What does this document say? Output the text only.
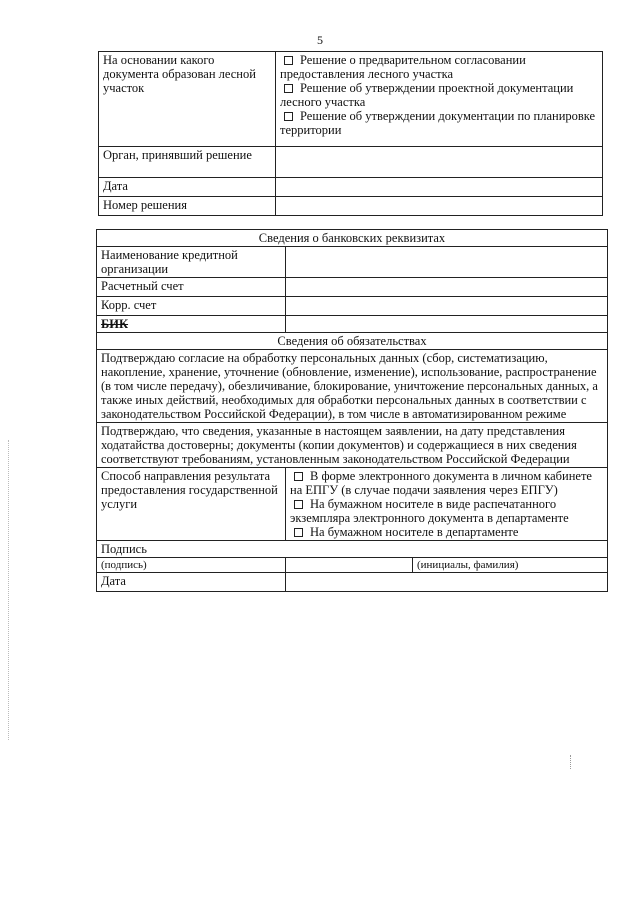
5
На основании какого документа образован лесной участок	Решение о предварительном согласовании предоставления лесного участка
Решение об утверждении проектной документации лесного участка
Решение об утверждении документации по планировке территории

Орган, принявший решение	
Дата	
Номер решения	
Сведения о банковских реквизитах		
Наименование кредитной организации		
Расчетный счет		
Корр. счет		
БИК		
Сведения об обязательствах		
Подтверждаю согласие на обработку персональных данных (сбор, систематизацию, накопление, хранение, уточнение (обновление, изменение), использование, распространение (в том числе передачу), обезличивание, блокирование, уничтожение персональных данных, а также иных действий, необходимых для обработки персональных данных в соответствии с законодательством Российской Федерации), в том числе в автоматизированном режиме		
Подтверждаю, что сведения, указанные в настоящем заявлении, на дату представления ходатайства достоверны; документы (копии документов) и содержащиеся в них сведения соответствуют требованиям, установленным законодательством Российской Федерации		
Способ направления результата предоставления государственной услуги	В форме электронного документа в личном кабинете на ЕПГУ (в случае подачи заявления через ЕПГУ)
На бумажном носителе в виде распечатанного экземпляра электронного документа в департаменте
На бумажном носителе в департаменте	

Подпись		
(подпись)		(инициалы, фамилия)
Дата		
